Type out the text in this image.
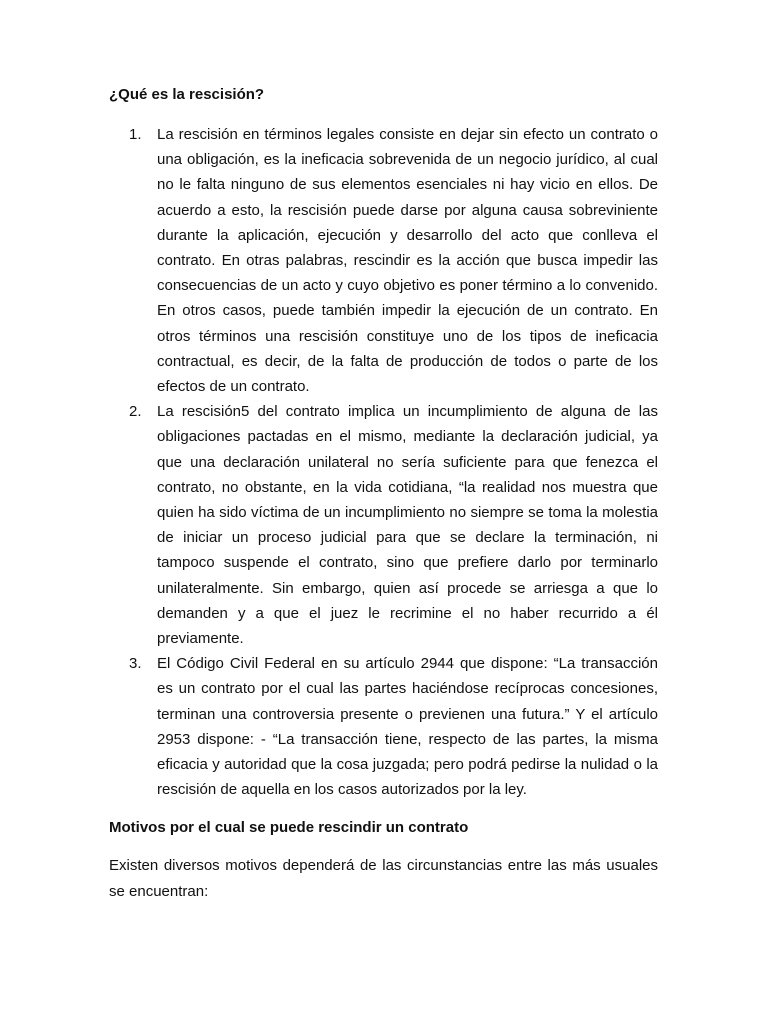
¿Qué es la rescisión?

1. La rescisión en términos legales consiste en dejar sin efecto un contrato o una obligación, es la ineficacia sobrevenida de un negocio jurídico, al cual no le falta ninguno de sus elementos esenciales ni hay vicio en ellos. De acuerdo a esto, la rescisión puede darse por alguna causa sobreviniente durante la aplicación, ejecución y desarrollo del acto que conlleva el contrato. En otras palabras, rescindir es la acción que busca impedir las consecuencias de un acto y cuyo objetivo es poner término a lo convenido. En otros casos, puede también impedir la ejecución de un contrato. En otros términos una rescisión constituye uno de los tipos de ineficacia contractual, es decir, de la falta de producción de todos o parte de los efectos de un contrato.
2. La rescisión5 del contrato implica un incumplimiento de alguna de las obligaciones pactadas en el mismo, mediante la declaración judicial, ya que una declaración unilateral no sería suficiente para que fenezca el contrato, no obstante, en la vida cotidiana, “la realidad nos muestra que quien ha sido víctima de un incumplimiento no siempre se toma la molestia de iniciar un proceso judicial para que se declare la terminación, ni tampoco suspende el contrato, sino que prefiere darlo por terminarlo unilateralmente. Sin embargo, quien así procede se arriesga a que lo demanden y a que el juez le recrimine el no haber recurrido a él previamente.
3. El Código Civil Federal en su artículo 2944 que dispone: “La transacción es un contrato por el cual las partes haciéndose recíprocas concesiones, terminan una controversia presente o previenen una futura.” Y el artículo 2953 dispone: - “La transacción tiene, respecto de las partes, la misma eficacia y autoridad que la cosa juzgada; pero podrá pedirse la nulidad o la rescisión de aquella en los casos autorizados por la ley.

Motivos por el cual se puede rescindir un contrato

Existen diversos motivos dependerá de las circunstancias entre las más usuales se encuentran:
